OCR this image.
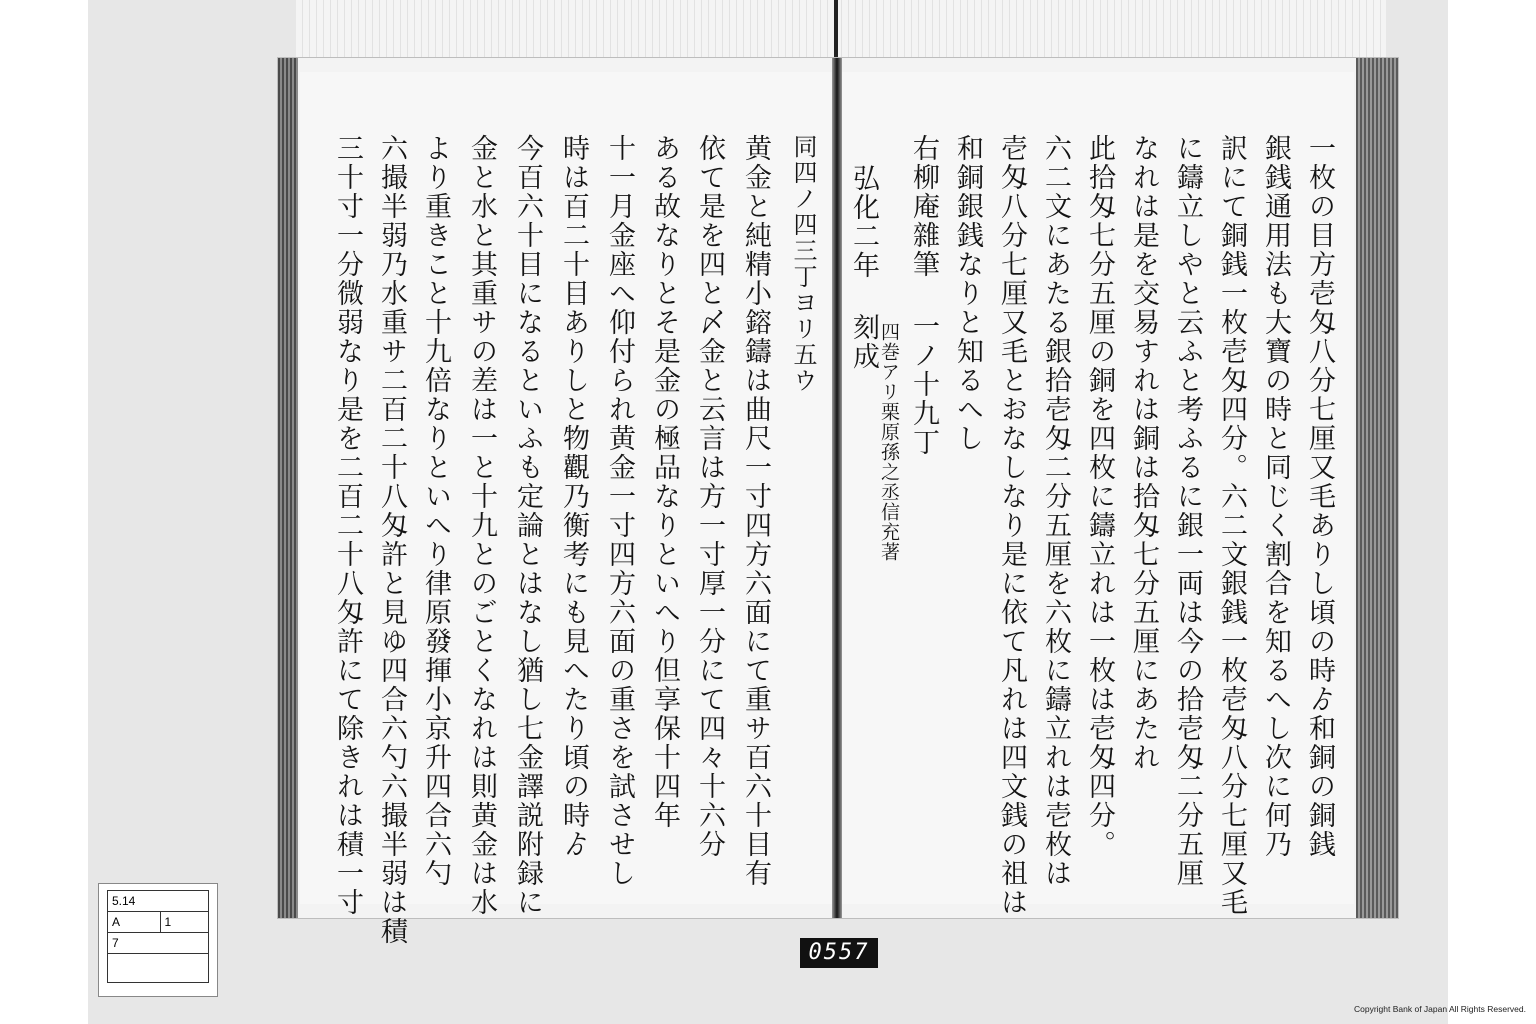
同四ノ四三丁ヨリ五ウ
黄金と純精小鎔鑄は曲尺一寸四方六面にて重サ百六十目有
依て是を四と〆金と云言は方一寸厚一分にて四々十六分
ある故なりとそ是金の極品なりといへり但享保十四年
十一月金座へ仰付られ黄金一寸四方六面の重さを試させし
時は百二十目ありしと物觀乃衡考にも見へたり頃の時ゟ
今百六十目になるといふも定論とはなし猶し七金譯説附録に
金と水と其重サの差は一と十九とのごとくなれは則黄金は水
より重きこと十九倍なりといへり律原發揮小京升四合六勺
六撮半弱乃水重サ二百二十八匁許と見ゆ四合六勺六撮半弱は積
三十寸一分微弱なり是を二百二十八匁許にて除きれは積一寸	一枚の目方壱匁八分七厘又毛ありし頃の時ゟ和銅の銅銭
銀銭通用法も大寶の時と同じく割合を知るへし次に何乃
訳にて銅銭一枚壱匁四分。六二文銀銭一枚壱匁八分七厘又毛
に鑄立しやと云ふと考ふるに銀一両は今の拾壱匁二分五厘
なれは是を交易すれは銅は拾匁七分五厘にあたれ
此拾匁七分五厘の銅を四枚に鑄立れは一枚は壱匁四分。
六二文にあたる銀拾壱匁二分五厘を六枚に鑄立れは壱枚は
壱匁八分七厘又毛とおなしなり是に依て凡れは四文銭の祖は
和銅銀銭なりと知るへし
右柳庵雜筆 一ノ十九丁
四巻アリ栗原孫之丞信充著
弘化二年 刻成
5.14
A	1
7	0557
Copyright Bank of Japan All Rights Reserved.
